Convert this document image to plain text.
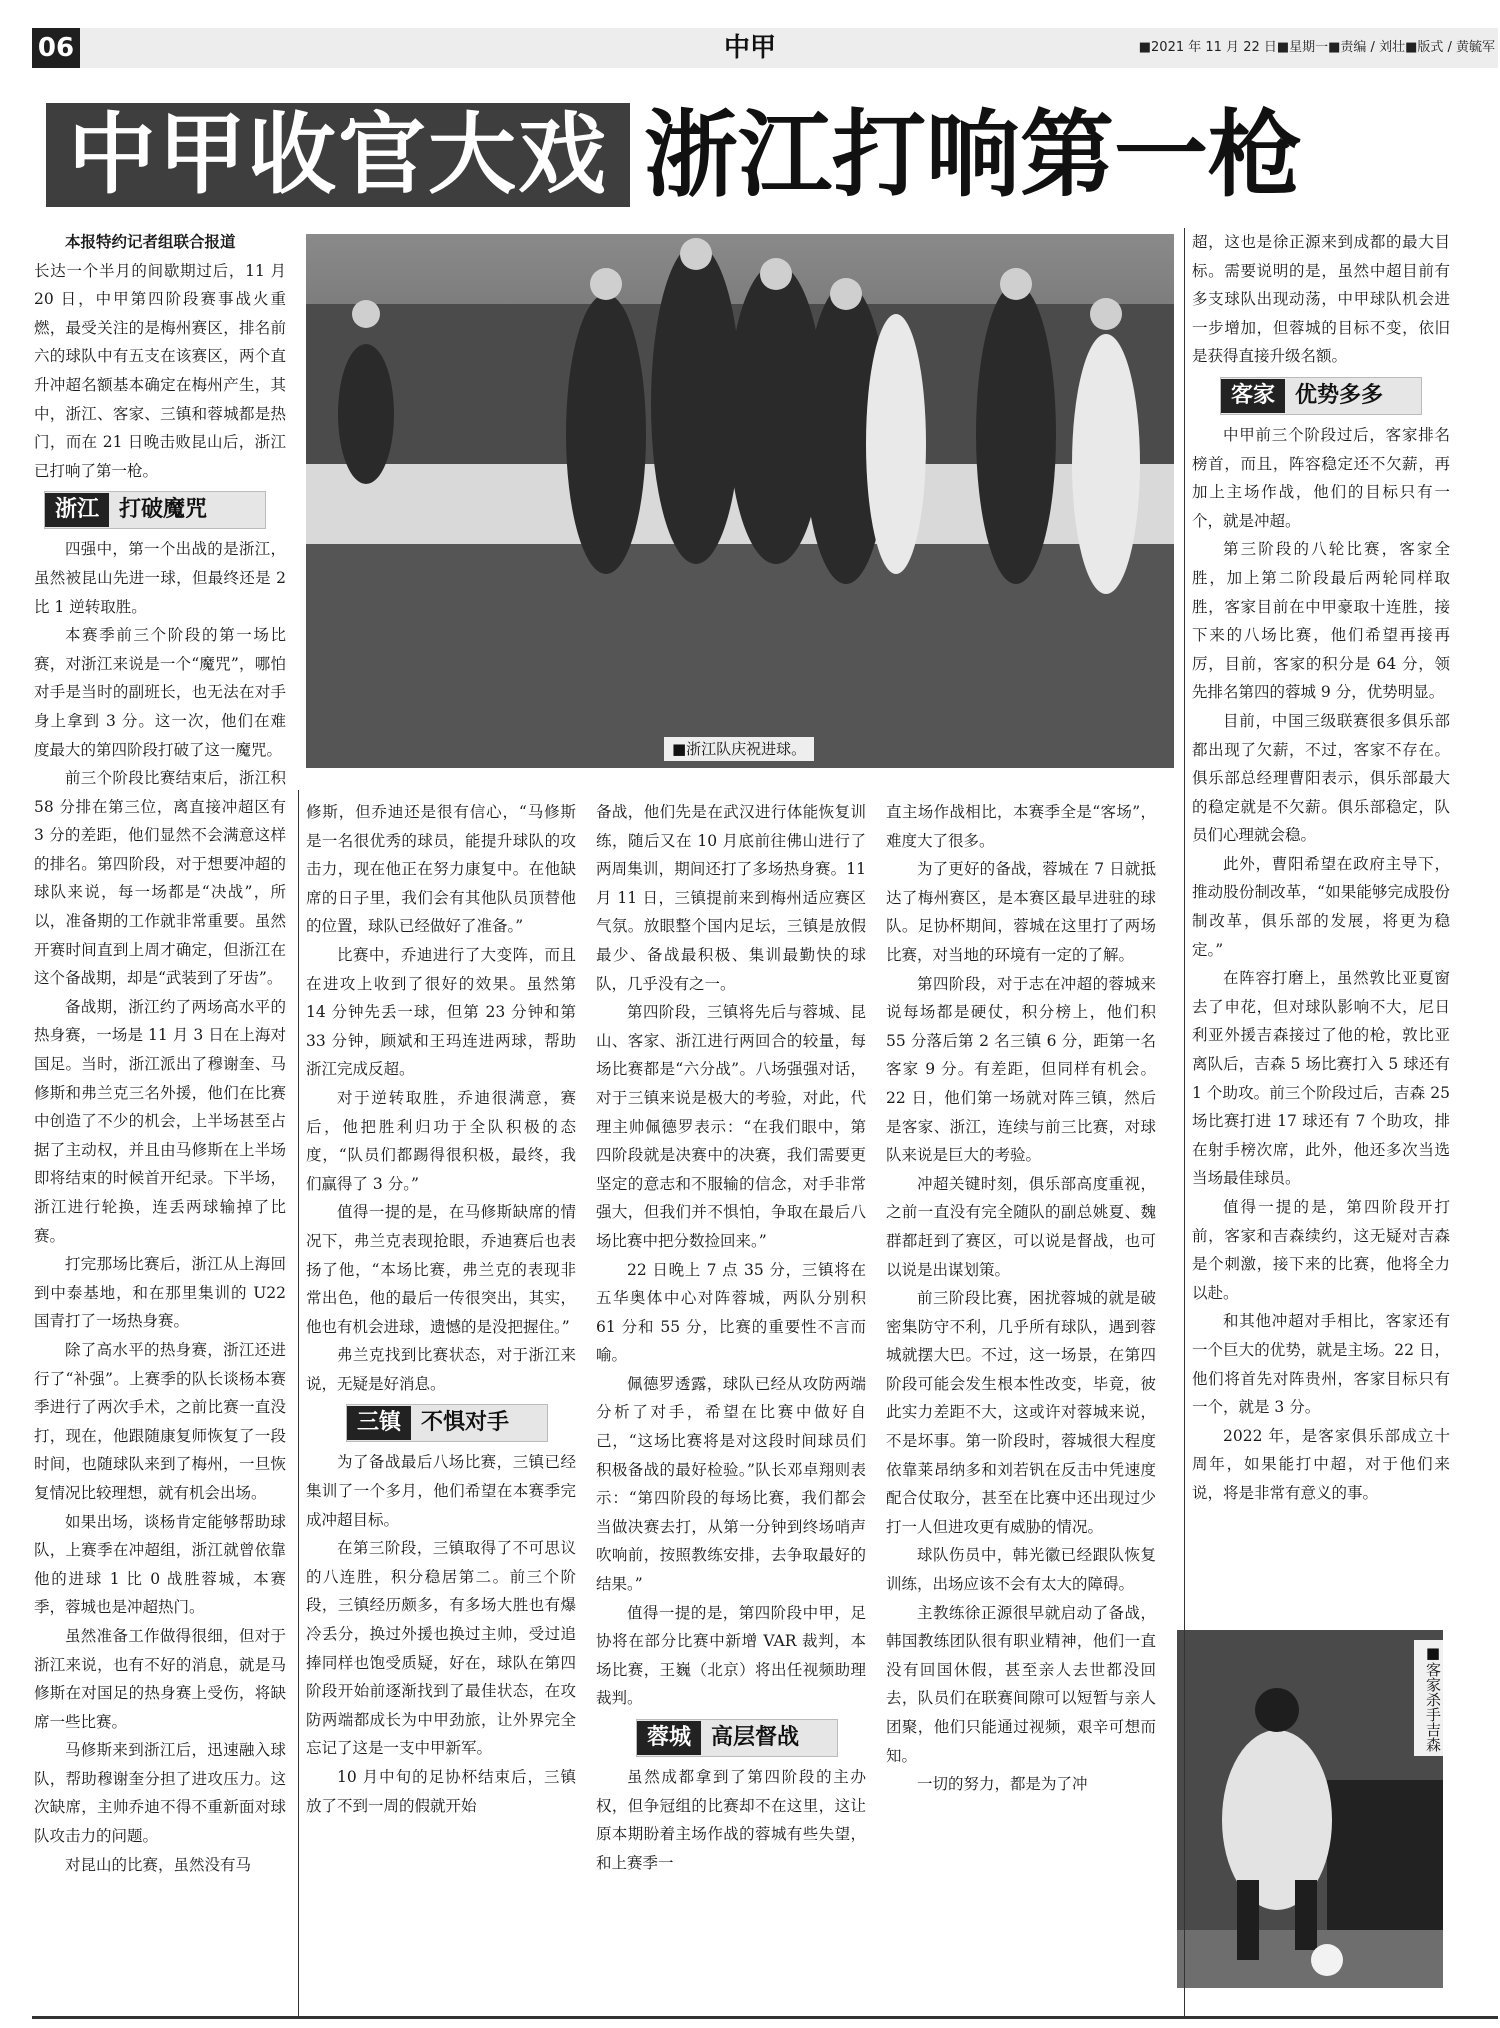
06	中甲	■2021 年 11 月 22 日■星期一■责编 / 刘壮■版式 / 黄毓军
中甲收官大戏 浙江打响第一枪

本报特约记者组联合报道

长达一个半月的间歇期过后，11 月 20 日，中甲第四阶段赛事战火重燃，最受关注的是梅州赛区，排名前六的球队中有五支在该赛区，两个直升冲超名额基本确定在梅州产生，其中，浙江、客家、三镇和蓉城都是热门，而在 21 日晚击败昆山后，浙江已打响了第一枪。

浙江 打破魔咒

四强中，第一个出战的是浙江，虽然被昆山先进一球，但最终还是 2 比 1 逆转取胜。

本赛季前三个阶段的第一场比赛，对浙江来说是一个“魔咒”，哪怕对手是当时的副班长，也无法在对手身上拿到 3 分。这一次，他们在难度最大的第四阶段打破了这一魔咒。

前三个阶段比赛结束后，浙江积 58 分排在第三位，离直接冲超区有 3 分的差距，他们显然不会满意这样的排名。第四阶段，对于想要冲超的球队来说，每一场都是“决战”，所以，准备期的工作就非常重要。虽然开赛时间直到上周才确定，但浙江在这个备战期，却是“武装到了牙齿”。

备战期，浙江约了两场高水平的热身赛，一场是 11 月 3 日在上海对国足。当时，浙江派出了穆谢奎、马修斯和弗兰克三名外援，他们在比赛中创造了不少的机会，上半场甚至占据了主动权，并且由马修斯在上半场即将结束的时候首开纪录。下半场，浙江进行轮换，连丢两球输掉了比赛。

打完那场比赛后，浙江从上海回到中泰基地，和在那里集训的 U22 国青打了一场热身赛。

除了高水平的热身赛，浙江还进行了“补强”。上赛季的队长谈杨本赛季进行了两次手术，之前比赛一直没打，现在，他跟随康复师恢复了一段时间，也随球队来到了梅州，一旦恢复情况比较理想，就有机会出场。

如果出场，谈杨肯定能够帮助球队，上赛季在冲超组，浙江就曾依靠他的进球 1 比 0 战胜蓉城，本赛季，蓉城也是冲超热门。

虽然准备工作做得很细，但对于浙江来说，也有不好的消息，就是马修斯在对国足的热身赛上受伤，将缺席一些比赛。

马修斯来到浙江后，迅速融入球队，帮助穆谢奎分担了进攻压力。这次缺席，主帅乔迪不得不重新面对球队攻击力的问题。

对昆山的比赛，虽然没有马

■浙江队庆祝进球。

修斯，但乔迪还是很有信心，“马修斯是一名很优秀的球员，能提升球队的攻击力，现在他正在努力康复中。在他缺席的日子里，我们会有其他队员顶替他的位置，球队已经做好了准备。”

比赛中，乔迪进行了大变阵，而且在进攻上收到了很好的效果。虽然第 14 分钟先丢一球，但第 23 分钟和第 33 分钟，顾斌和王玛连进两球，帮助浙江完成反超。

对于逆转取胜，乔迪很满意，赛后，他把胜利归功于全队积极的态度，“队员们都踢得很积极，最终，我们赢得了 3 分。”

值得一提的是，在马修斯缺席的情况下，弗兰克表现抢眼，乔迪赛后也表扬了他，“本场比赛，弗兰克的表现非常出色，他的最后一传很突出，其实，他也有机会进球，遗憾的是没把握住。”

弗兰克找到比赛状态，对于浙江来说，无疑是好消息。

三镇 不惧对手

为了备战最后八场比赛，三镇已经集训了一个多月，他们希望在本赛季完成冲超目标。

在第三阶段，三镇取得了不可思议的八连胜，积分稳居第二。前三个阶段，三镇经历颇多，有多场大胜也有爆冷丢分，换过外援也换过主帅，受过追捧同样也饱受质疑，好在，球队在第四阶段开始前逐渐找到了最佳状态，在攻防两端都成长为中甲劲旅，让外界完全忘记了这是一支中甲新军。

10 月中旬的足协杯结束后，三镇放了不到一周的假就开始

备战，他们先是在武汉进行体能恢复训练，随后又在 10 月底前往佛山进行了两周集训，期间还打了多场热身赛。11 月 11 日，三镇提前来到梅州适应赛区气氛。放眼整个国内足坛，三镇是放假最少、备战最积极、集训最勤快的球队，几乎没有之一。

第四阶段，三镇将先后与蓉城、昆山、客家、浙江进行两回合的较量，每场比赛都是“六分战”。八场强强对话，对于三镇来说是极大的考验，对此，代理主帅佩德罗表示：“在我们眼中，第四阶段就是决赛中的决赛，我们需要更坚定的意志和不服输的信念，对手非常强大，但我们并不惧怕，争取在最后八场比赛中把分数捡回来。”

22 日晚上 7 点 35 分，三镇将在五华奥体中心对阵蓉城，两队分别积 61 分和 55 分，比赛的重要性不言而喻。

佩德罗透露，球队已经从攻防两端分析了对手，希望在比赛中做好自己，“这场比赛将是对这段时间球员们积极备战的最好检验。”队长邓卓翔则表示：“第四阶段的每场比赛，我们都会当做决赛去打，从第一分钟到终场哨声吹响前，按照教练安排，去争取最好的结果。”

值得一提的是，第四阶段中甲，足协将在部分比赛中新增 VAR 裁判，本场比赛，王巍（北京）将出任视频助理裁判。

蓉城 高层督战

虽然成都拿到了第四阶段的主办权，但争冠组的比赛却不在这里，这让原本期盼着主场作战的蓉城有些失望，和上赛季一

直主场作战相比，本赛季全是“客场”，难度大了很多。

为了更好的备战，蓉城在 7 日就抵达了梅州赛区，是本赛区最早进驻的球队。足协杯期间，蓉城在这里打了两场比赛，对当地的环境有一定的了解。

第四阶段，对于志在冲超的蓉城来说每场都是硬仗，积分榜上，他们积 55 分落后第 2 名三镇 6 分，距第一名客家 9 分。有差距，但同样有机会。22 日，他们第一场就对阵三镇，然后是客家、浙江，连续与前三比赛，对球队来说是巨大的考验。

冲超关键时刻，俱乐部高度重视，之前一直没有完全随队的副总姚夏、魏群都赶到了赛区，可以说是督战，也可以说是出谋划策。

前三阶段比赛，困扰蓉城的就是破密集防守不利，几乎所有球队，遇到蓉城就摆大巴。不过，这一场景，在第四阶段可能会发生根本性改变，毕竟，彼此实力差距不大，这或许对蓉城来说，不是坏事。第一阶段时，蓉城很大程度依靠莱昂纳多和刘若钒在反击中凭速度配合仗取分，甚至在比赛中还出现过少打一人但进攻更有威胁的情况。

球队伤员中，韩光徽已经跟队恢复训练，出场应该不会有太大的障碍。

主教练徐正源很早就启动了备战，韩国教练团队很有职业精神，他们一直没有回国休假，甚至亲人去世都没回去，队员们在联赛间隙可以短暂与亲人团聚，他们只能通过视频，艰辛可想而知。

一切的努力，都是为了冲

超，这也是徐正源来到成都的最大目标。需要说明的是，虽然中超目前有多支球队出现动荡，中甲球队机会进一步增加，但蓉城的目标不变，依旧是获得直接升级名额。

客家 优势多多

中甲前三个阶段过后，客家排名榜首，而且，阵容稳定还不欠薪，再加上主场作战，他们的目标只有一个，就是冲超。

第三阶段的八轮比赛，客家全胜，加上第二阶段最后两轮同样取胜，客家目前在中甲豪取十连胜，接下来的八场比赛，他们希望再接再厉，目前，客家的积分是 64 分，领先排名第四的蓉城 9 分，优势明显。

目前，中国三级联赛很多俱乐部都出现了欠薪，不过，客家不存在。俱乐部总经理曹阳表示，俱乐部最大的稳定就是不欠薪。俱乐部稳定，队员们心理就会稳。

此外，曹阳希望在政府主导下，推动股份制改革，“如果能够完成股份制改革，俱乐部的发展，将更为稳定。”

在阵容打磨上，虽然敦比亚夏窗去了申花，但对球队影响不大，尼日利亚外援吉森接过了他的枪，敦比亚离队后，吉森 5 场比赛打入 5 球还有 1 个助攻。前三个阶段过后，吉森 25 场比赛打进 17 球还有 7 个助攻，排在射手榜次席，此外，他还多次当选当场最佳球员。

值得一提的是，第四阶段开打前，客家和吉森续约，这无疑对吉森是个刺激，接下来的比赛，他将全力以赴。

和其他冲超对手相比，客家还有一个巨大的优势，就是主场。22 日，他们将首先对阵贵州，客家目标只有一个，就是 3 分。

2022 年，是客家俱乐部成立十周年，如果能打中超，对于他们来说，将是非常有意义的事。

■客家杀手吉森
